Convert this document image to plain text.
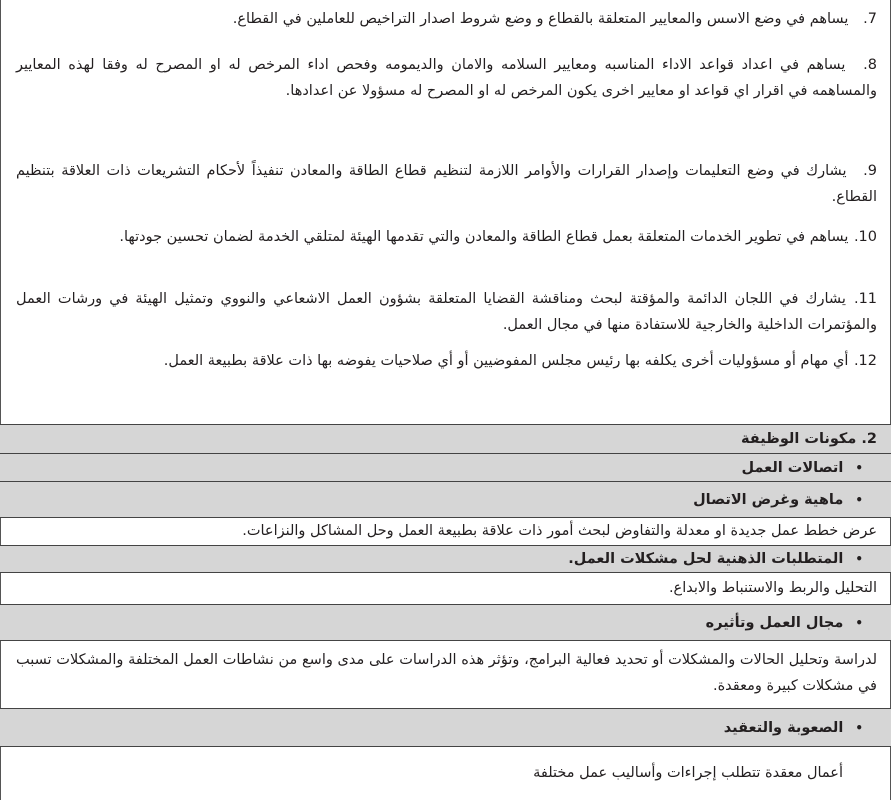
7. يساهم في وضع الاسس والمعايير المتعلقة بالقطاع و وضع شروط اصدار التراخيص للعاملين في القطاع.
8. يساهم في اعداد قواعد الاداء المناسبه ومعايير السلامه والامان والديمومه وفحص اداء المرخص له او المصرح له وفقا لهذه المعايير والمساهمه في اقرار اي قواعد او معايير اخرى يكون المرخص له او المصرح له مسؤولا عن اعدادها.
9. يشارك في وضع التعليمات وإصدار القرارات والأوامر اللازمة لتنظيم قطاع الطاقة والمعادن تنفيذاً لأحكام التشريعات ذات العلاقة بتنظيم القطاع.
10. يساهم في تطوير الخدمات المتعلقة بعمل قطاع الطاقة والمعادن والتي تقدمها الهيئة لمتلقي الخدمة لضمان تحسين جودتها.
11. يشارك في اللجان الدائمة والمؤقتة لبحث ومناقشة القضايا المتعلقة بشؤون العمل الاشعاعي والنووي وتمثيل الهيئة في ورشات العمل والمؤتمرات الداخلية والخارجية للاستفادة منها في مجال العمل.
12. أي مهام أو مسؤوليات أخرى يكلفه بها رئيس مجلس المفوضيين أو أي صلاحيات يفوضه بها ذات علاقة بطبيعة العمل.
2. مكونات الوظيفة
•
اتصالات العمل
•
ماهية وغرض الاتصال
عرض خطط عمل جديدة او معدلة والتفاوض لبحث أمور ذات علاقة بطبيعة العمل وحل المشاكل والنزاعات.
•
المتطلبات الذهنية لحل مشكلات العمل.
التحليل والربط والاستنباط والابداع.
•
مجال العمل وتأثيره
لدراسة وتحليل الحالات والمشكلات أو تحديد فعالية البرامج، وتؤثر هذه الدراسات على مدى واسع من نشاطات العمل المختلفة والمشكلات تسبب في مشكلات كبيرة ومعقدة.
•
الصعوبة والتعقيد
أعمال معقدة تتطلب إجراءات وأساليب عمل مختلفة
